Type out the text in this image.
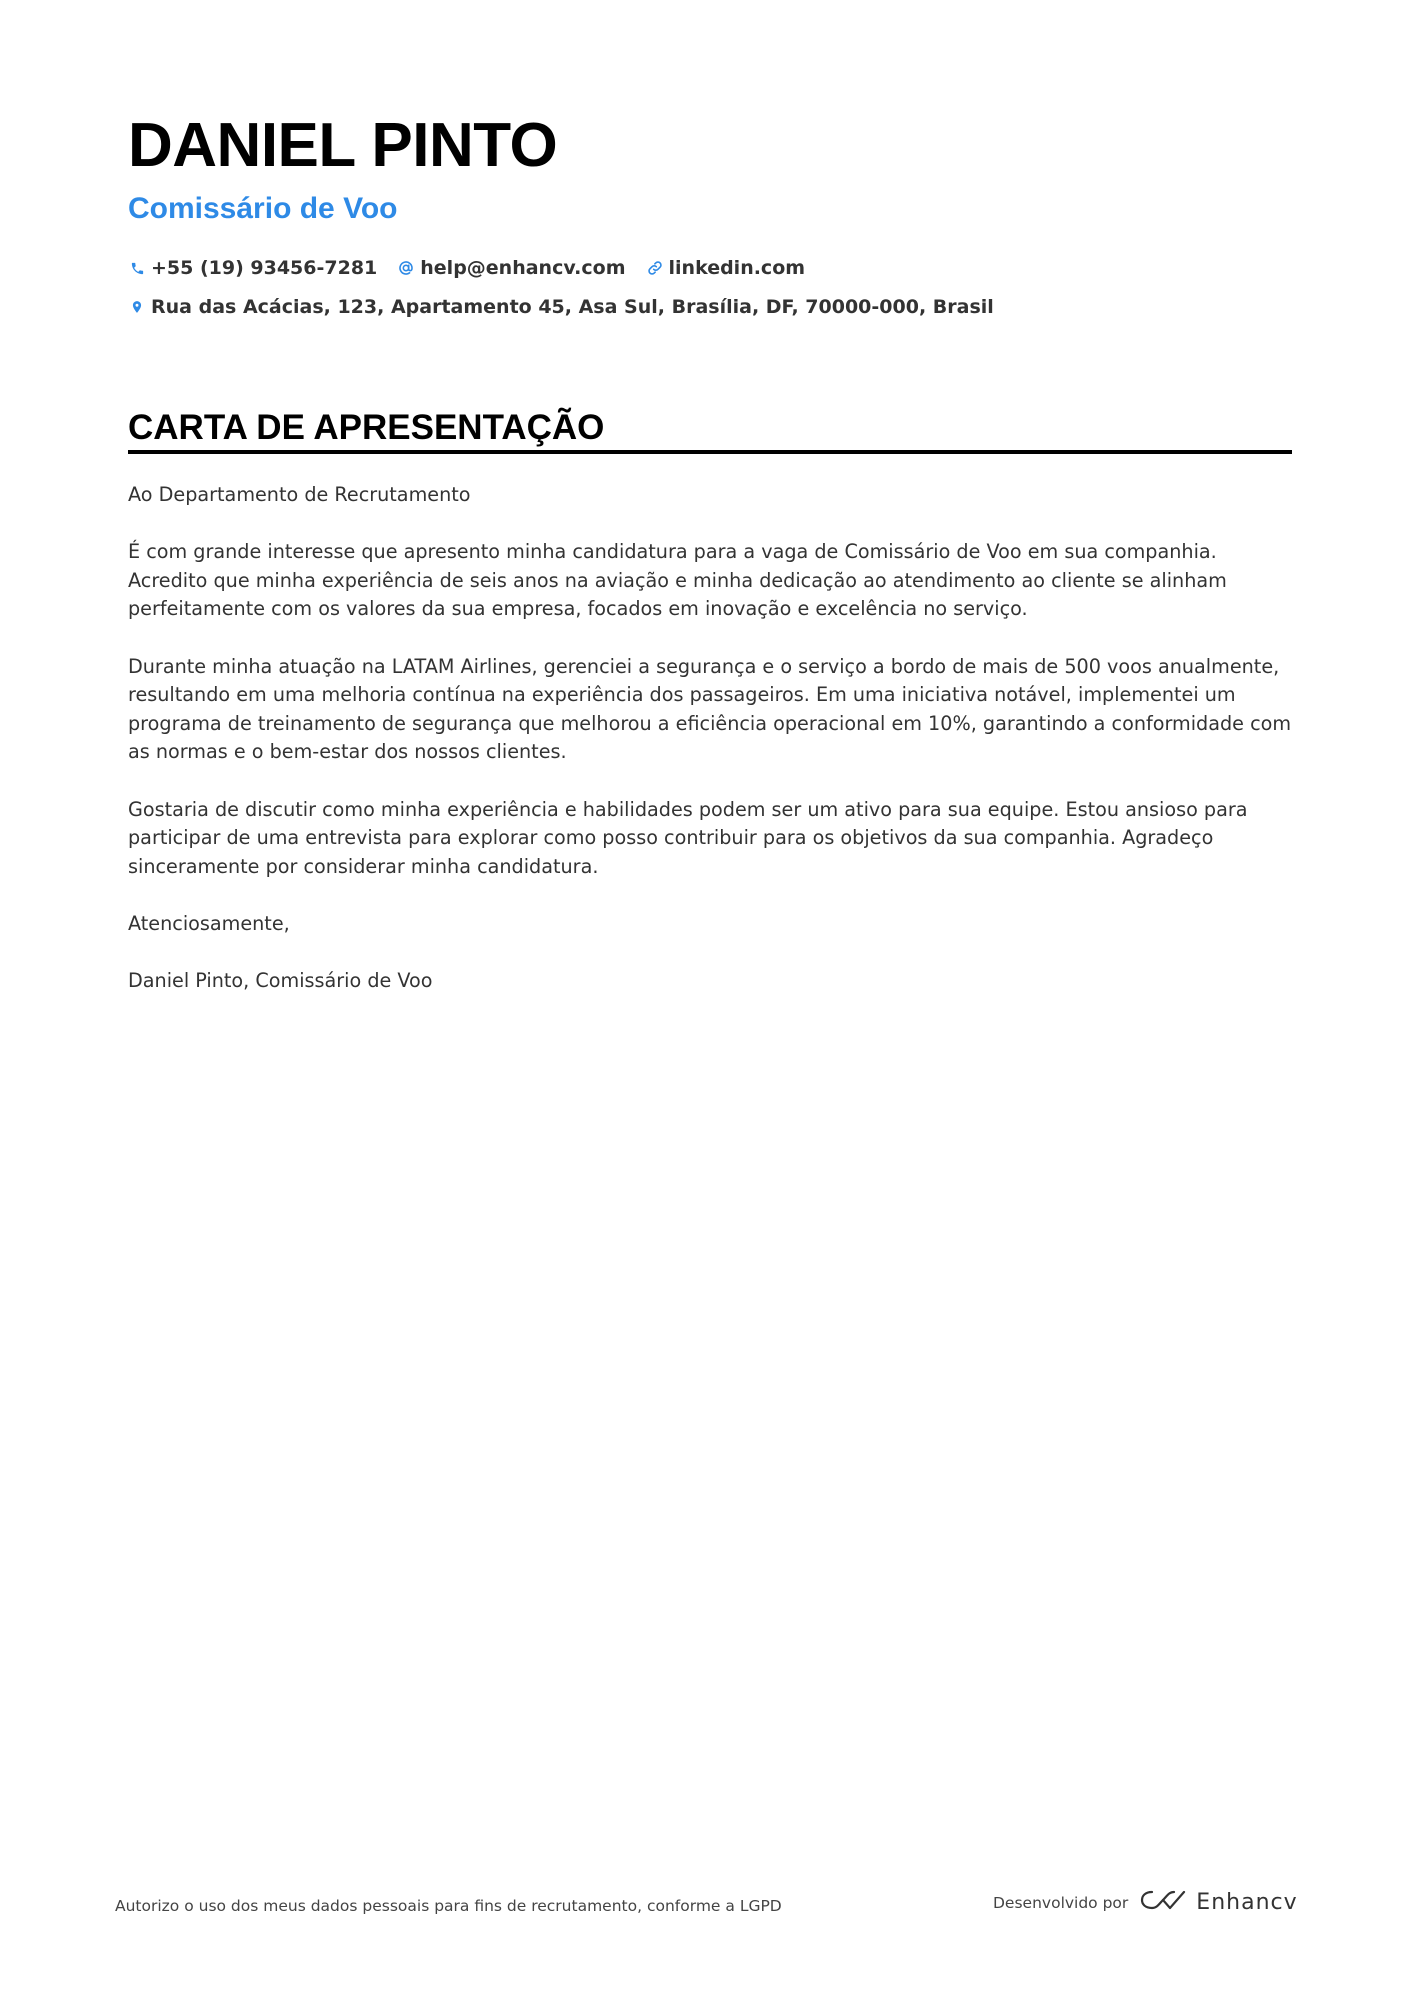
DANIEL PINTO
Comissário de Voo
+55 (19) 93456-7281 help@enhancv.com linkedin.com
Rua das Acácias, 123, Apartamento 45, Asa Sul, Brasília, DF, 70000-000, Brasil
CARTA DE APRESENTAÇÃO

Ao Departamento de Recrutamento

É com grande interesse que apresento minha candidatura para a vaga de Comissário de Voo em sua companhia. Acredito que minha experiência de seis anos na aviação e minha dedicação ao atendimento ao cliente se alinham perfeitamente com os valores da sua empresa, focados em inovação e excelência no serviço.

Durante minha atuação na LATAM Airlines, gerenciei a segurança e o serviço a bordo de mais de 500 voos anualmente, resultando em uma melhoria contínua na experiência dos passageiros. Em uma iniciativa notável, implementei um programa de treinamento de segurança que melhorou a eficiência operacional em 10%, garantindo a conformidade com as normas e o bem-estar dos nossos clientes.

Gostaria de discutir como minha experiência e habilidades podem ser um ativo para sua equipe. Estou ansioso para participar de uma entrevista para explorar como posso contribuir para os objetivos da sua companhia. Agradeço sinceramente por considerar minha candidatura.

Atenciosamente,

Daniel Pinto, Comissário de Voo

Autorizo o uso dos meus dados pessoais para fins de recrutamento, conforme a LGPD	Desenvolvido por	Enhancv
